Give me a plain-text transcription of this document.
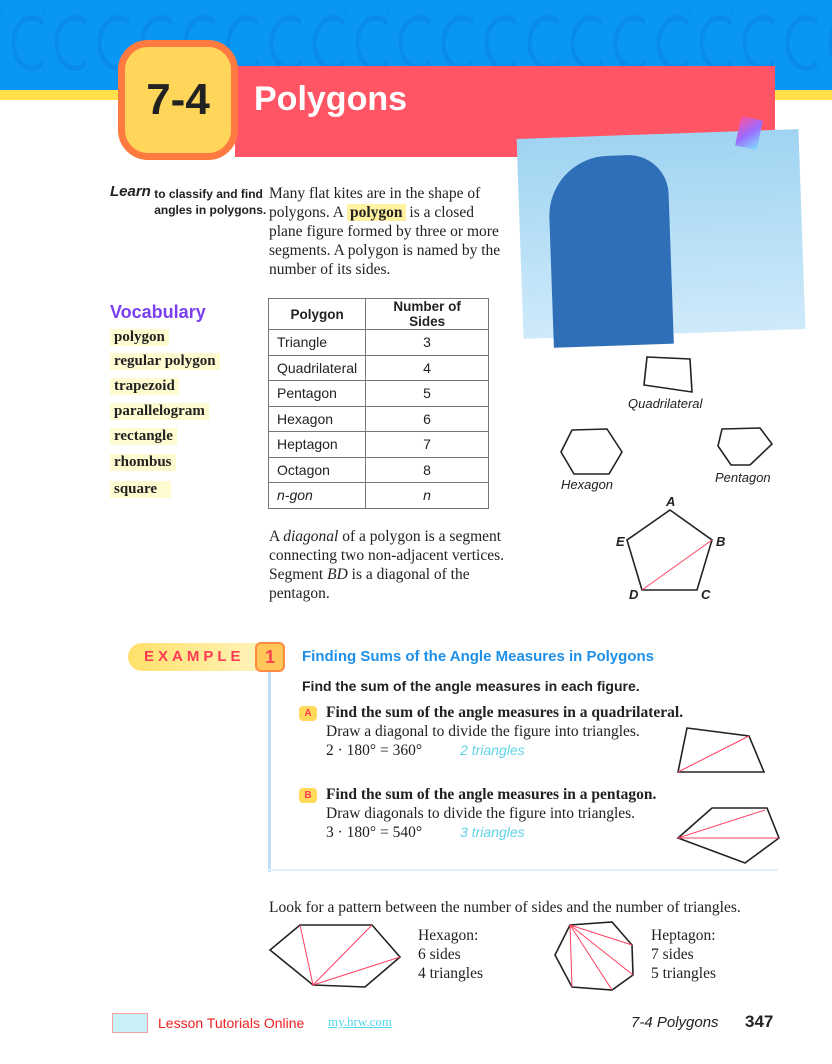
7-4	Polygons
Learn to classify and find angles in polygons.
Many flat kites are in the shape of polygons. A polygon is a closed plane figure formed by three or more segments. A polygon is named by the number of its sides.
Vocabulary
polygon
regular polygon
trapezoid
parallelogram
rectangle
rhombus
square
Polygon	Number of Sides
Triangle	3
Quadrilateral	4
Pentagon	5
Hexagon	6
Heptagon	7
Octagon	8
n-gon	n
A diagonal of a polygon is a segment connecting two non-adjacent vertices. Segment BD is a diagonal of the pentagon.
Quadrilateral
Hexagon	Pentagon
A
B
C
D
E
EXAMPLE	1	Finding Sums of the Angle Measures in Polygons
Find the sum of the angle measures in each figure.
A Find the sum of the angle measures in a quadrilateral.
Draw a diagonal to divide the figure into triangles.
2 · 180° = 360°	2 triangles
B Find the sum of the angle measures in a pentagon.
Draw diagonals to divide the figure into triangles.
3 · 180° = 540°	3 triangles
Look for a pattern between the number of sides and the number of triangles.
Hexagon:
6 sides
4 triangles
Heptagon:
7 sides
5 triangles
Lesson Tutorials Online my.hrw.com	7-4 Polygons 347
